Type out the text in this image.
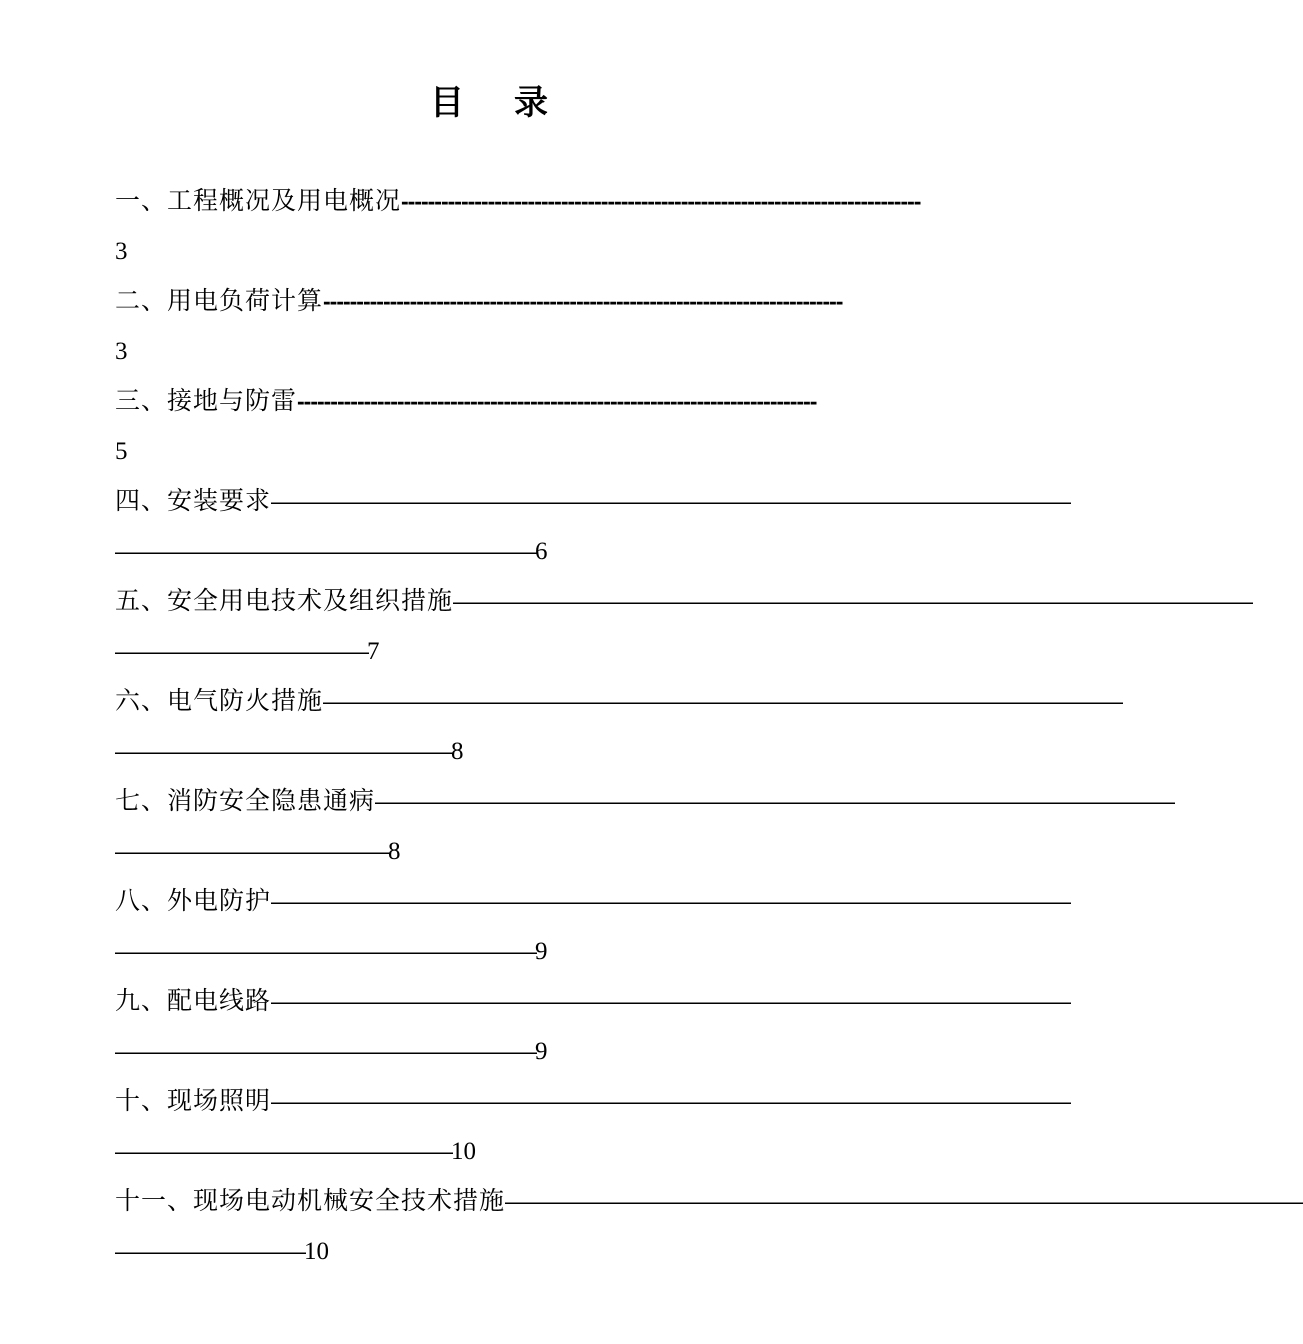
目 录
一、工程概况及用电概况 ------------------------------------------------------------------------------
3
二、用电负荷计算 ------------------------------------------------------------------------------
3
三、接地与防雷 ------------------------------------------------------------------------------
5
四、安装要求 ——————————————————————————————————————
————————————————————6
五、安全用电技术及组织措施 ——————————————————————————————————————
————————————7
六、电气防火措施 ——————————————————————————————————————
————————————————8
七、消防安全隐患通病 ——————————————————————————————————————
—————————————8
八、外电防护 ——————————————————————————————————————
————————————————————9
九、配电线路 ——————————————————————————————————————
————————————————————9
十、现场照明 ——————————————————————————————————————
————————————————10
十一、现场电动机械安全技术措施 ——————————————————————————————————————
—————————10
